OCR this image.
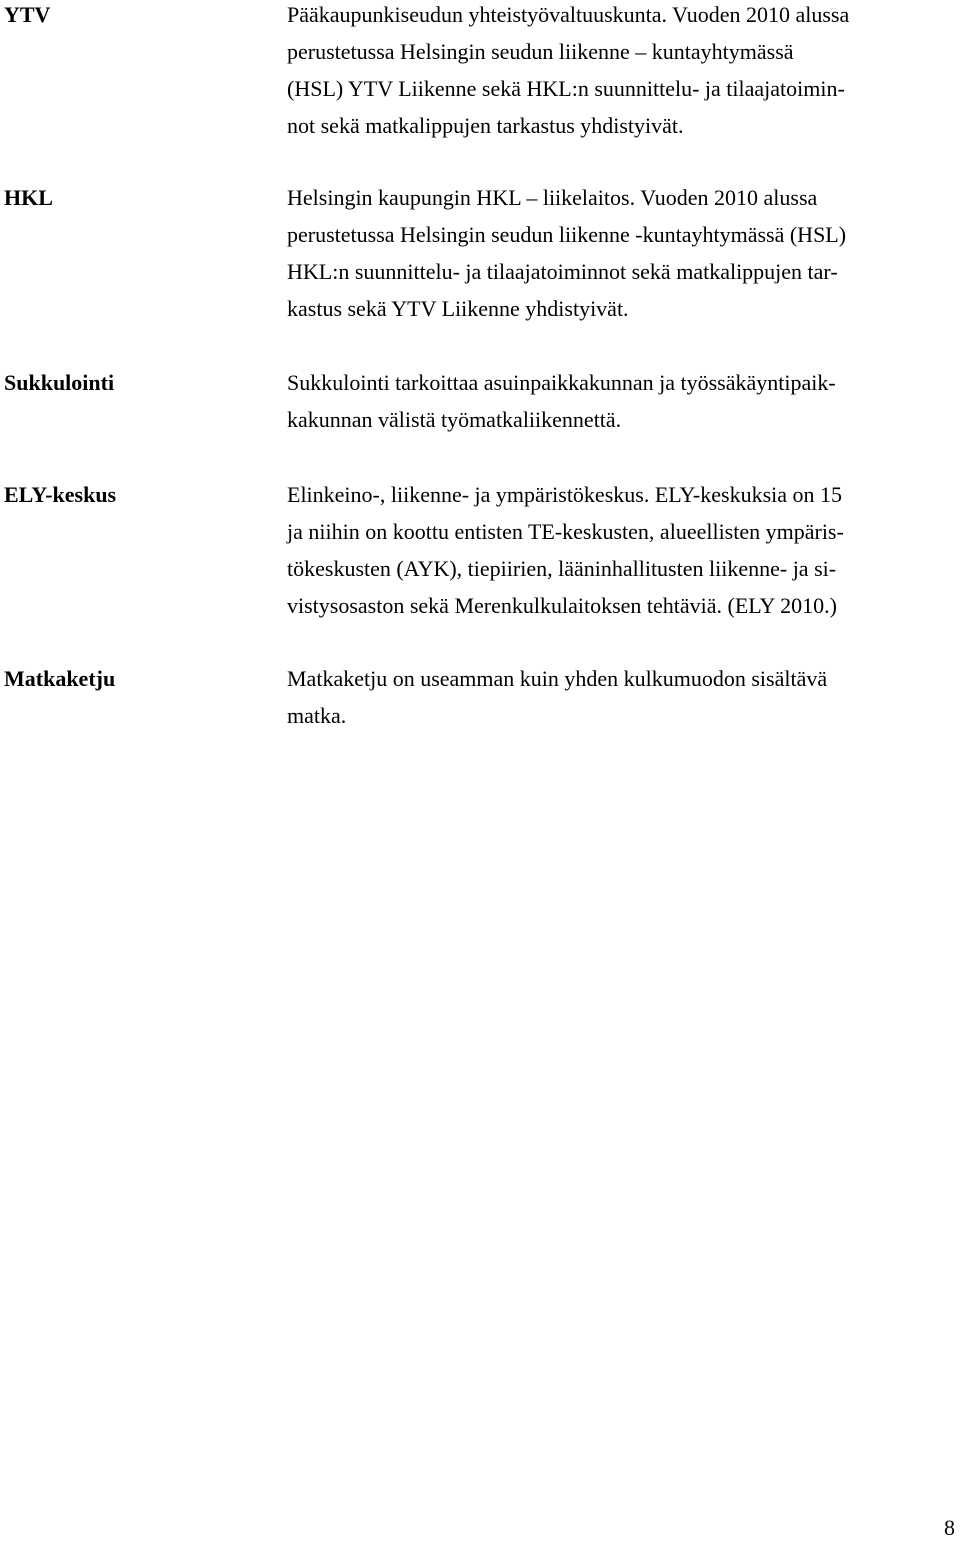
YTV	Pääkaupunkiseudun yhteistyövaltuuskunta. Vuoden 2010 alussa
perustetussa Helsingin seudun liikenne – kuntayhtymässä
(HSL) YTV Liikenne sekä HKL:n suunnittelu- ja tilaajatoimin-
not sekä matkalippujen tarkastus yhdistyivät.
HKL	Helsingin kaupungin HKL – liikelaitos. Vuoden 2010 alussa
perustetussa Helsingin seudun liikenne -kuntayhtymässä (HSL)
HKL:n suunnittelu- ja tilaajatoiminnot sekä matkalippujen tar-
kastus sekä YTV Liikenne yhdistyivät.
Sukkulointi	Sukkulointi tarkoittaa asuinpaikkakunnan ja työssäkäyntipaik-
kakunnan välistä työmatkaliikennettä.
ELY-keskus	Elinkeino-, liikenne- ja ympäristökeskus. ELY-keskuksia on 15
ja niihin on koottu entisten TE-keskusten, alueellisten ympäris-
tökeskusten (AYK), tiepiirien, lääninhallitusten liikenne- ja si-
vistysosaston sekä Merenkulkulaitoksen tehtäviä. (ELY 2010.)
Matkaketju	Matkaketju on useamman kuin yhden kulkumuodon sisältävä
matka.
8
